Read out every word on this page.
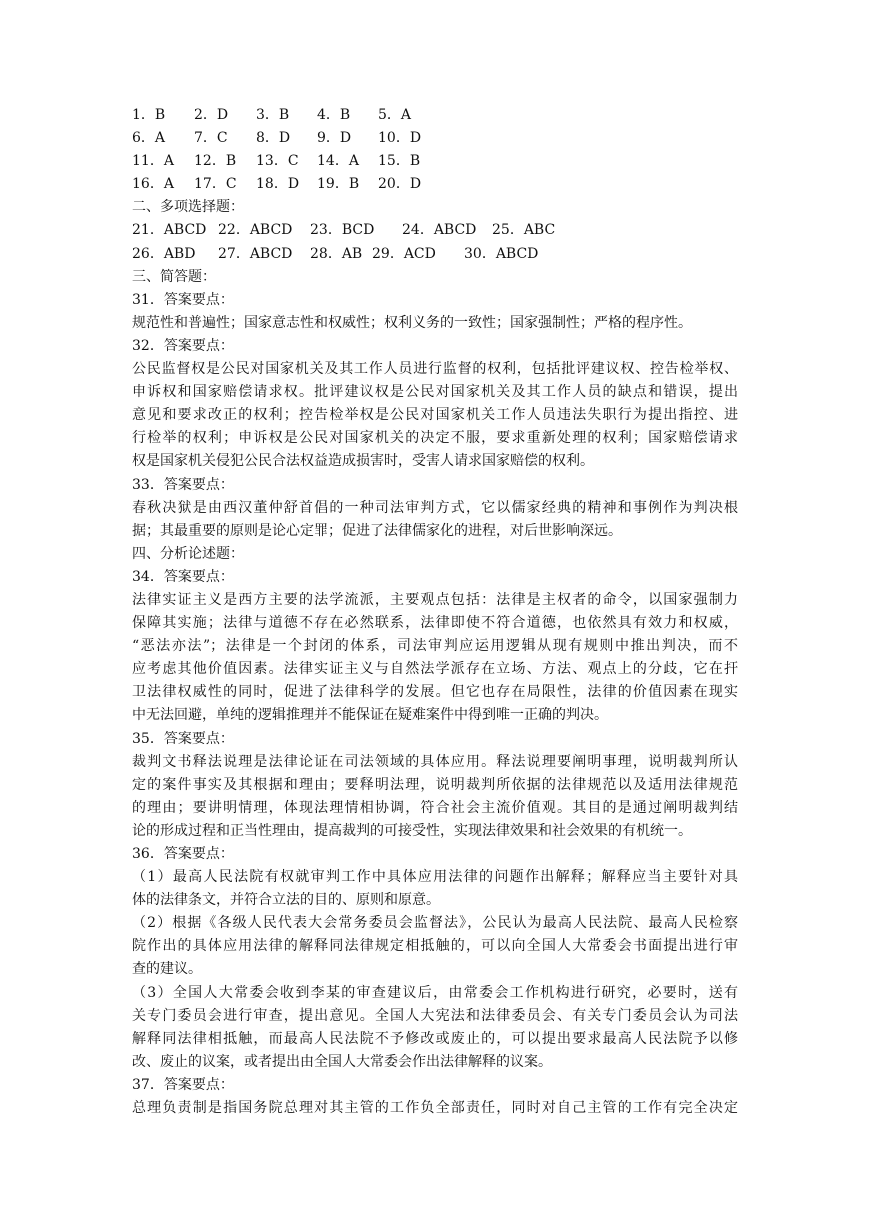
1．B 2．D 3．B 4．B 5．A
6．A 7．C 8．D 9．D 10．D
11．A 12．B 13．C 14．A 15．B
16．A 17．C 18．D 19．B 20．D
二、多项选择题：
21．ABCD 22．ABCD 23．BCD 24．ABCD 25．ABC
26．ABD 27．ABCD 28．AB 29．ACD 30．ABCD
三、简答题：
31．答案要点：
规范性和普遍性；国家意志性和权威性；权利义务的一致性；国家强制性；严格的程序性。
32．答案要点：
公民监督权是公民对国家机关及其工作人员进行监督的权利，包括批评建议权、控告检举权、
申诉权和国家赔偿请求权。批评建议权是公民对国家机关及其工作人员的缺点和错误，提出
意见和要求改正的权利；控告检举权是公民对国家机关工作人员违法失职行为提出指控、进
行检举的权利；申诉权是公民对国家机关的决定不服，要求重新处理的权利；国家赔偿请求
权是国家机关侵犯公民合法权益造成损害时，受害人请求国家赔偿的权利。
33．答案要点：
春秋决狱是由西汉董仲舒首倡的一种司法审判方式，它以儒家经典的精神和事例作为判决根
据；其最重要的原则是论心定罪；促进了法律儒家化的进程，对后世影响深远。
四、分析论述题：
34．答案要点：
法律实证主义是西方主要的法学流派，主要观点包括：法律是主权者的命令，以国家强制力
保障其实施；法律与道德不存在必然联系，法律即使不符合道德，也依然具有效力和权威，
“恶法亦法”；法律是一个封闭的体系，司法审判应运用逻辑从现有规则中推出判决，而不
应考虑其他价值因素。法律实证主义与自然法学派存在立场、方法、观点上的分歧，它在扞
卫法律权威性的同时，促进了法律科学的发展。但它也存在局限性，法律的价值因素在现实
中无法回避，单纯的逻辑推理并不能保证在疑难案件中得到唯一正确的判决。
35．答案要点：
裁判文书释法说理是法律论证在司法领域的具体应用。释法说理要阐明事理，说明裁判所认
定的案件事实及其根据和理由；要释明法理，说明裁判所依据的法律规范以及适用法律规范
的理由；要讲明情理，体现法理情相协调，符合社会主流价值观。其目的是通过阐明裁判结
论的形成过程和正当性理由，提高裁判的可接受性，实现法律效果和社会效果的有机统一。
36．答案要点：
（1）最高人民法院有权就审判工作中具体应用法律的问题作出解释；解释应当主要针对具
体的法律条文，并符合立法的目的、原则和原意。
（2）根据《各级人民代表大会常务委员会监督法》，公民认为最高人民法院、最高人民检察
院作出的具体应用法律的解释同法律规定相抵触的，可以向全国人大常委会书面提出进行审
查的建议。
（3）全国人大常委会收到李某的审查建议后，由常委会工作机构进行研究，必要时，送有
关专门委员会进行审查，提出意见。全国人大宪法和法律委员会、有关专门委员会认为司法
解释同法律相抵触，而最高人民法院不予修改或废止的，可以提出要求最高人民法院予以修
改、废止的议案，或者提出由全国人大常委会作出法律解释的议案。
37．答案要点：
总理负责制是指国务院总理对其主管的工作负全部责任，同时对自己主管的工作有完全决定
